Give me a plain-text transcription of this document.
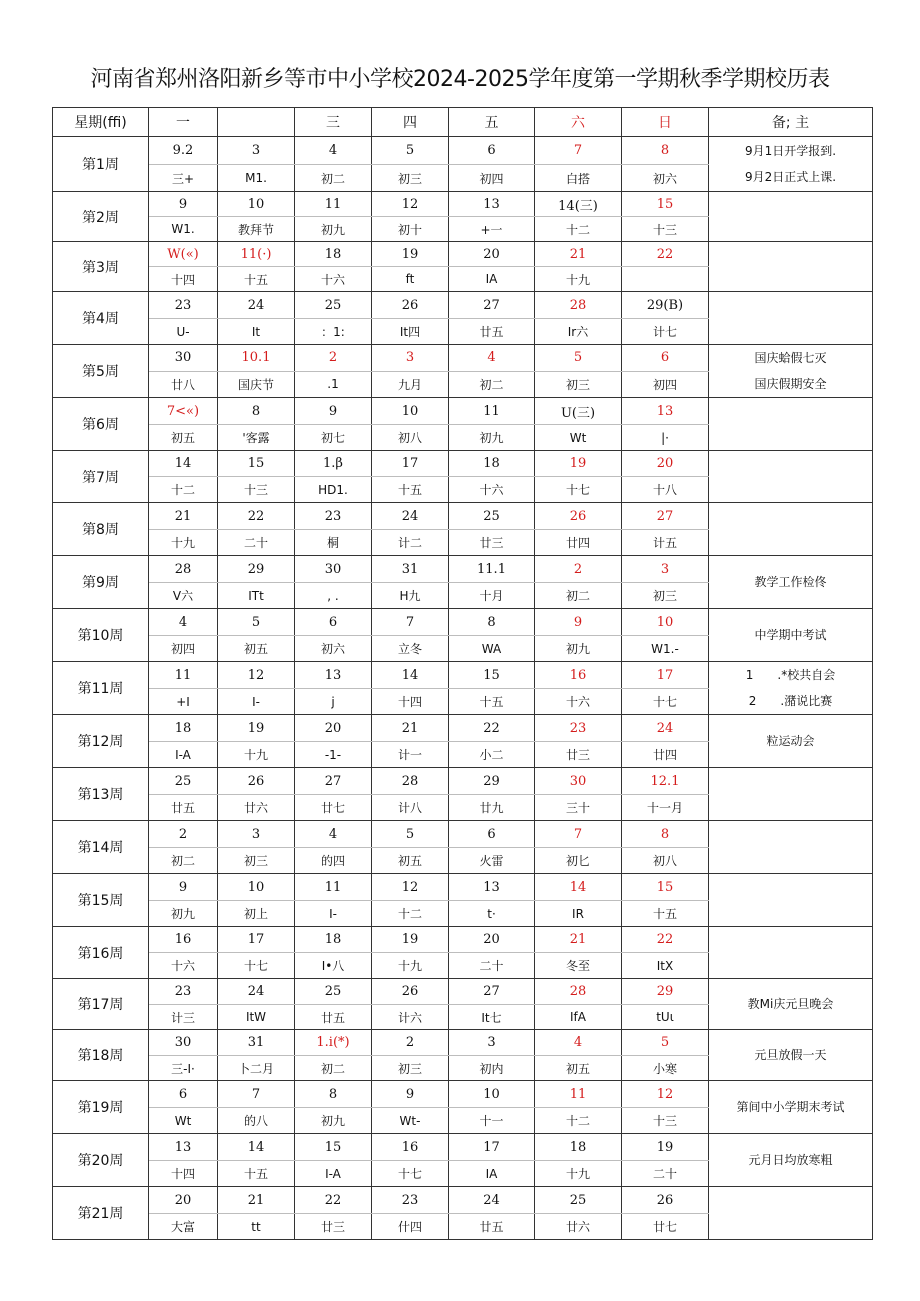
河南省郑州洛阳新乡等市中小学校2024-2025学年度第一学期秋季学期校历表
星期(ffi)	一		三	四	五	六	日	备; 主
第1周	9.2	3	4	5	6	7	8	9月1日开学报到.
9月2日正式上课.

	三+	M1.	初二	初三	初四	白搭	初六	
第2周	9	10	11	12	13	14(三)	15	
	W1.	教拜节	初九	初十	+一	十二	十三	
第3周	W(«)	11(·)	18	19	20	21	22	
	十四	十五	十六	ft	IA	十九		
第4周	23	24	25	26	27	28	29(B)	
	U-	It	：1:	It四	廿五	Ir六	计七	
第5周	30	10.1	2	3	4	5	6	国庆蛤假七灭
国庆假期安全

	廿八	国庆节	.1	九月	初二	初三	初四	
第6周	7<«)	8	9	10	11	U(三)	13	
	初五	'客露	初七	初八	初九	Wt	|·	
第7周	14	15	1.β	17	18	19	20	
	十二	十三	HD1.	十五	十六	十七	十八	
第8周	21	22	23	24	25	26	27	
	十九	二十	桐	计二	廿三	廿四	计五	
第9周	28	29	30	31	11.1	2	3	教学工作检佟

	V六	ITt	, .	H九	十月	初二	初三	
第10周	4	5	6	7	8	9	10	中学期中考试

	初四	初五	初六	立冬	WA	初九	W1.-	
第11周	11	12	13	14	15	16	17	1　　.*校共自会
2　　.潴说比赛

	+I	I-	j	十四	十五	十六	十七	
第12周	18	19	20	21	22	23	24	粒运动会

	I-A	十九	-1-	计一	小二	廿三	廿四	
第13周	25	26	27	28	29	30	12.1	
	廿五	廿六	廿七	计八	廿九	三十	十一月	
第14周	2	3	4	5	6	7	8	
	初二	初三	的四	初五	火雷	初匕	初八	
第15周	9	10	11	12	13	14	15	
	初九	初上	I-	十二	t·	IR	十五	
第16周	16	17	18	19	20	21	22	
	十六	十七	I•八	十九	二十	冬至	ItX	
第17周	23	24	25	26	27	28	29	教Mi庆元旦晚会

	计三	ItW	廿五	计六	It七	IfA	tUι	
第18周	30	31	1.i(*)	2	3	4	5	元旦放假一天

	三-I·	卜二月	初二	初三	初内	初五	小寒	
第19周	6	7	8	9	10	11	12	第间中小学期末考试

	Wt	的八	初九	Wt-	十一	十二	十三	
第20周	13	14	15	16	17	18	19	元月日均放寒粗

	十四	十五	I-A	十七	IA	十九	二十	
第21周	20	21	22	23	24	25	26	
	大富	tt	廿三	什四	廿五	廿六	廿七	
